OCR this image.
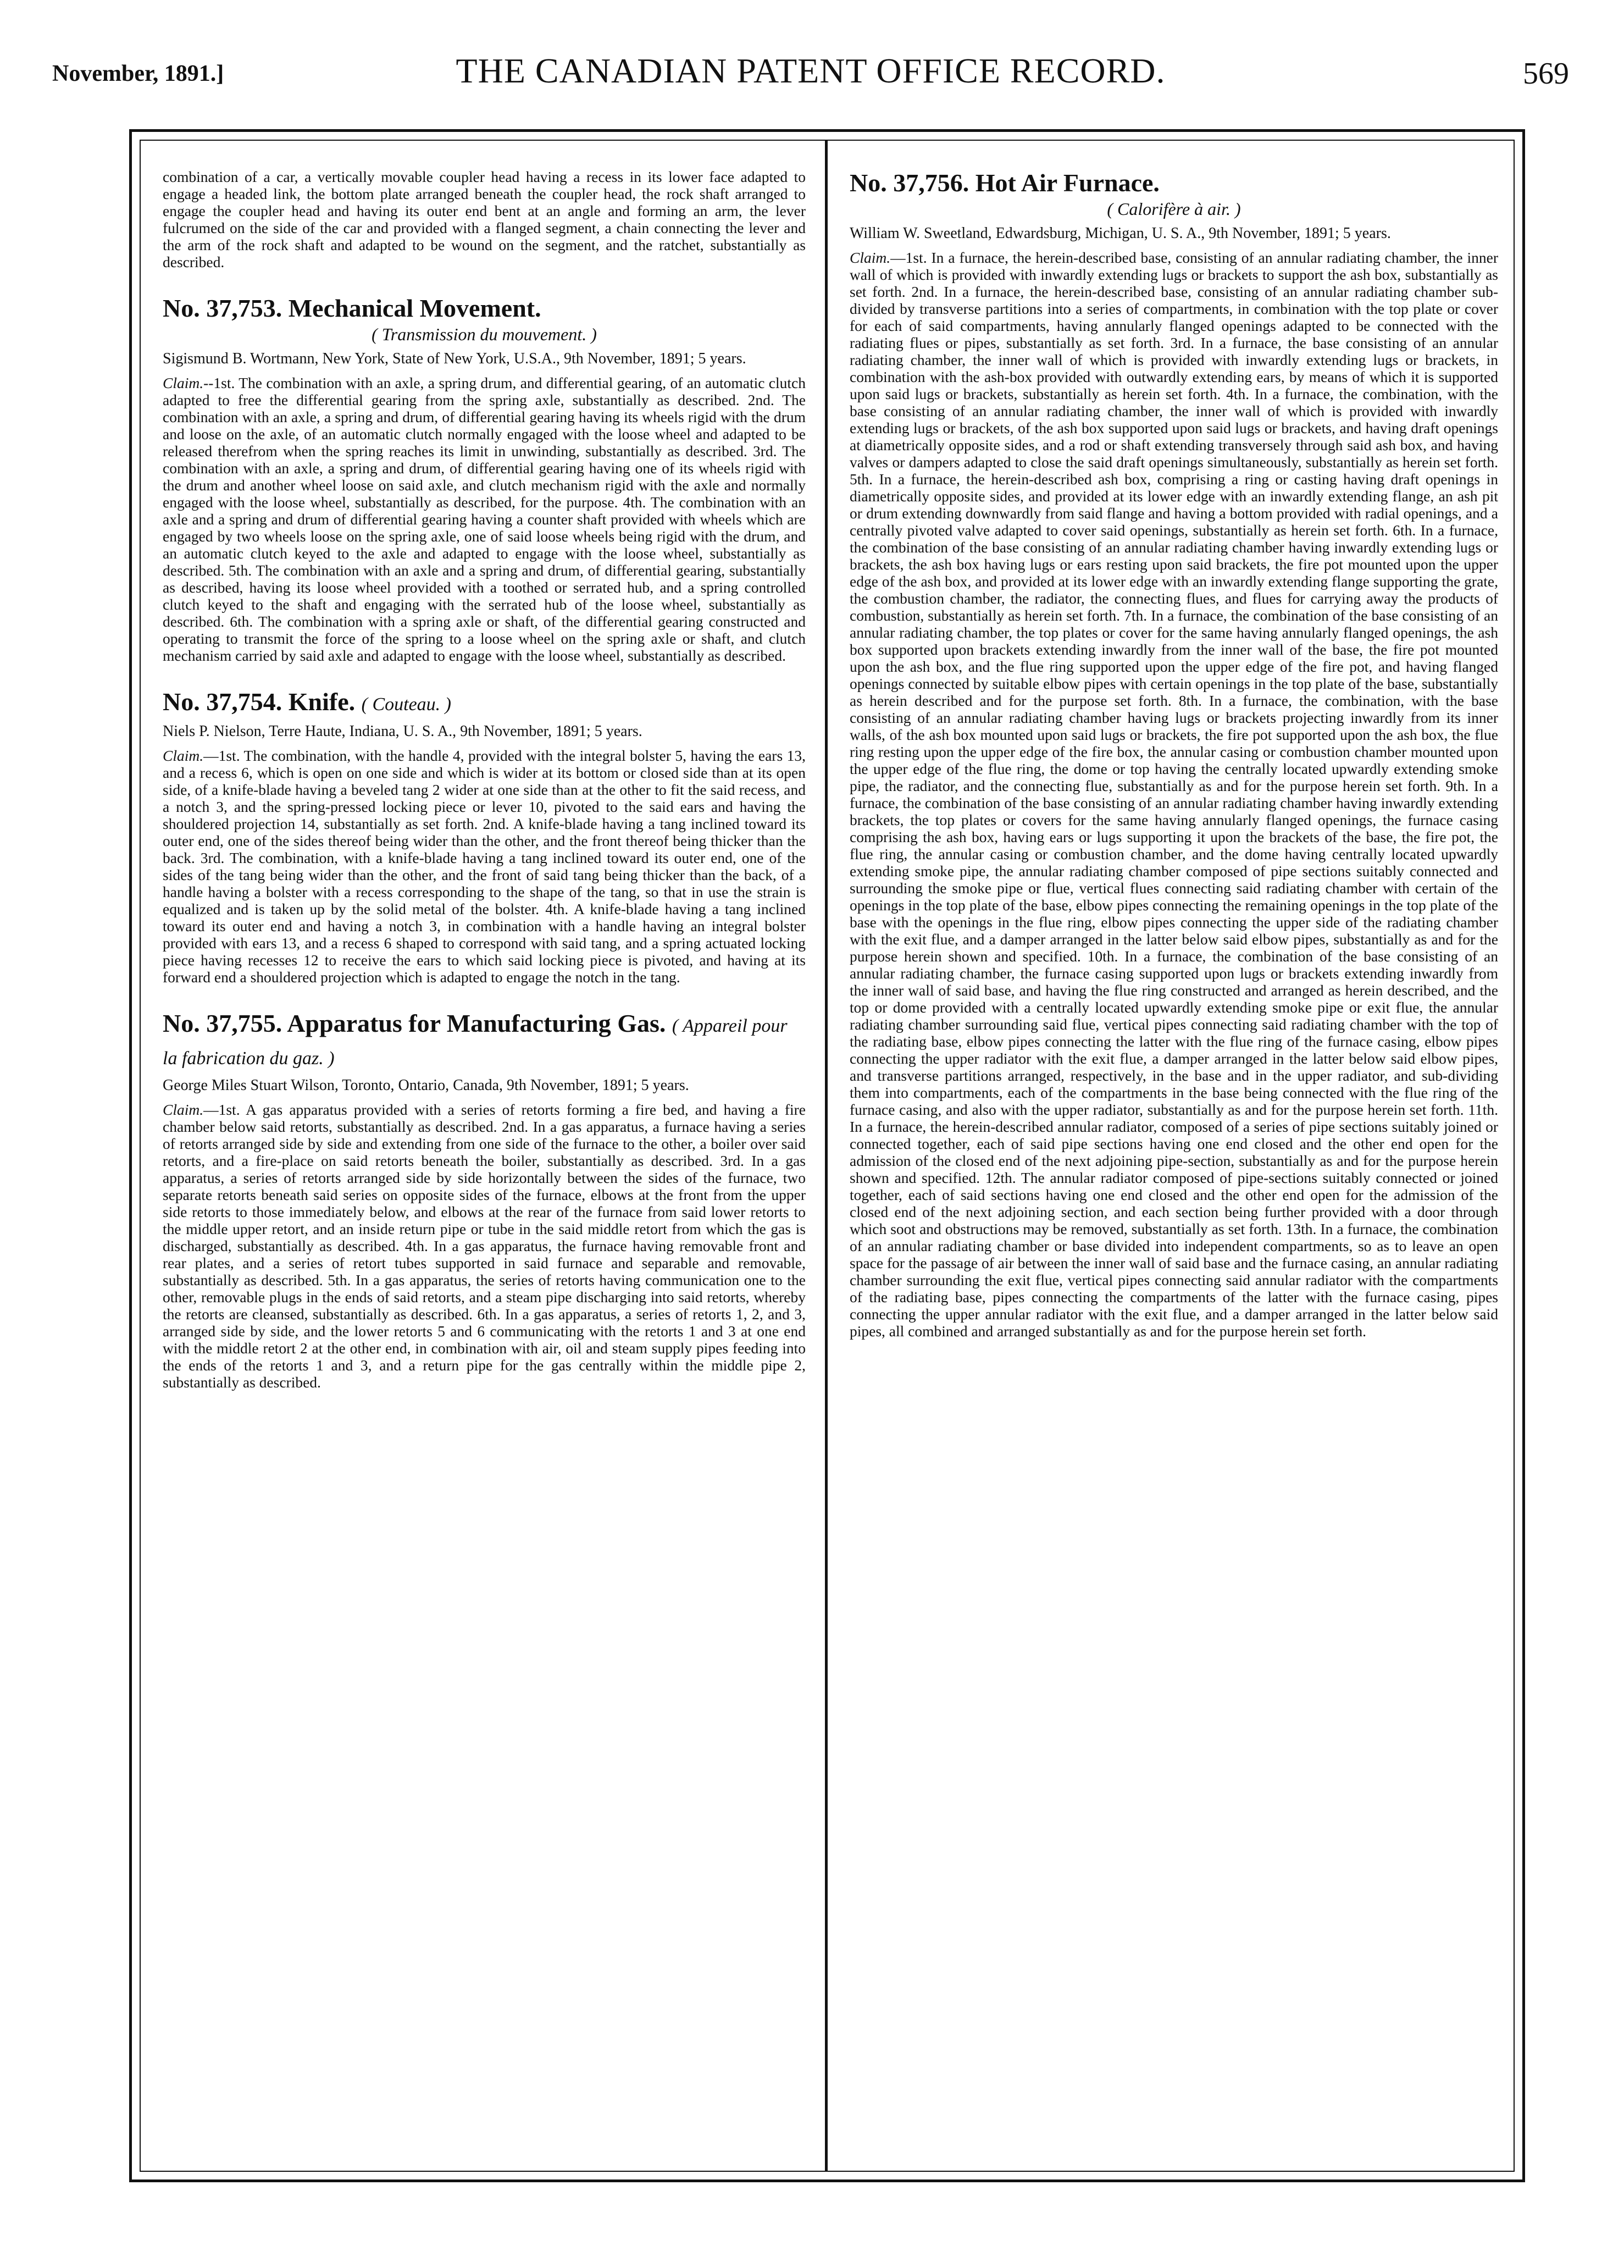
November, 1891.]	THE CANADIAN PATENT OFFICE RECORD.	569

combination of a car, a vertically movable coupler head having a recess in its lower face adapted to engage a headed link, the bottom plate arranged beneath the coupler head, the rock shaft arranged to engage the coupler head and having its outer end bent at an angle and forming an arm, the lever fulcrumed on the side of the car and provided with a flanged segment, a chain connecting the lever and the arm of the rock shaft and adapted to be wound on the segment, and the ratchet, substantially as described.

No. 37,753. Mechanical Movement.
( Transmission du mouvement. )

Sigismund B. Wortmann, New York, State of New York, U.S.A., 9th November, 1891; 5 years.

Claim.--1st. The combination with an axle, a spring drum, and differential gearing, of an automatic clutch adapted to free the differential gearing from the spring axle, substantially as described. 2nd. The combination with an axle, a spring and drum, of differential gearing having its wheels rigid with the drum and loose on the axle, of an automatic clutch normally engaged with the loose wheel and adapted to be released therefrom when the spring reaches its limit in unwinding, substantially as described. 3rd. The combination with an axle, a spring and drum, of differential gearing having one of its wheels rigid with the drum and another wheel loose on said axle, and clutch mechanism rigid with the axle and normally engaged with the loose wheel, substantially as described, for the purpose. 4th. The combination with an axle and a spring and drum of differential gearing having a counter shaft provided with wheels which are engaged by two wheels loose on the spring axle, one of said loose wheels being rigid with the drum, and an automatic clutch keyed to the axle and adapted to engage with the loose wheel, substantially as described. 5th. The combination with an axle and a spring and drum, of differential gearing, substantially as described, having its loose wheel provided with a toothed or serrated hub, and a spring controlled clutch keyed to the shaft and engaging with the serrated hub of the loose wheel, substantially as described. 6th. The combination with a spring axle or shaft, of the differential gearing constructed and operating to transmit the force of the spring to a loose wheel on the spring axle or shaft, and clutch mechanism carried by said axle and adapted to engage with the loose wheel, substantially as described.

No. 37,754. Knife. ( Couteau. )

Niels P. Nielson, Terre Haute, Indiana, U. S. A., 9th November, 1891; 5 years.

Claim.—1st. The combination, with the handle 4, provided with the integral bolster 5, having the ears 13, and a recess 6, which is open on one side and which is wider at its bottom or closed side than at its open side, of a knife-blade having a beveled tang 2 wider at one side than at the other to fit the said recess, and a notch 3, and the spring-pressed locking piece or lever 10, pivoted to the said ears and having the shouldered projection 14, substantially as set forth. 2nd. A knife-blade having a tang inclined toward its outer end, one of the sides thereof being wider than the other, and the front thereof being thicker than the back. 3rd. The combination, with a knife-blade having a tang inclined toward its outer end, one of the sides of the tang being wider than the other, and the front of said tang being thicker than the back, of a handle having a bolster with a recess corresponding to the shape of the tang, so that in use the strain is equalized and is taken up by the solid metal of the bolster. 4th. A knife-blade having a tang inclined toward its outer end and having a notch 3, in combination with a handle having an integral bolster provided with ears 13, and a recess 6 shaped to correspond with said tang, and a spring actuated locking piece having recesses 12 to receive the ears to which said locking piece is pivoted, and having at its forward end a shouldered projection which is adapted to engage the notch in the tang.

No. 37,755. Apparatus for Manufacturing Gas. ( Appareil pour la fabrication du gaz. )

George Miles Stuart Wilson, Toronto, Ontario, Canada, 9th November, 1891; 5 years.

Claim.—1st. A gas apparatus provided with a series of retorts forming a fire bed, and having a fire chamber below said retorts, substantially as described. 2nd. In a gas apparatus, a furnace having a series of retorts arranged side by side and extending from one side of the furnace to the other, a boiler over said retorts, and a fire-place on said retorts beneath the boiler, substantially as described. 3rd. In a gas apparatus, a series of retorts arranged side by side horizontally between the sides of the furnace, two separate retorts beneath said series on opposite sides of the furnace, elbows at the front from the upper side retorts to those immediately below, and elbows at the rear of the furnace from said lower retorts to the middle upper retort, and an inside return pipe or tube in the said middle retort from which the gas is discharged, substantially as described. 4th. In a gas apparatus, the furnace having removable front and rear plates, and a series of retort tubes supported in said furnace and separable and removable, substantially as described. 5th. In a gas apparatus, the series of retorts having communication one to the other, removable plugs in the ends of said retorts, and a steam pipe discharging into said retorts, whereby the retorts are cleansed, substantially as described. 6th. In a gas apparatus, a series of retorts 1, 2, and 3, arranged side by side, and the lower retorts 5 and 6 communicating with the retorts 1 and 3 at one end with the middle retort 2 at the other end, in combination with air, oil and steam supply pipes feeding into the ends of the retorts 1 and 3, and a return pipe for the gas centrally within the middle pipe 2, substantially as described.

No. 37,756. Hot Air Furnace.
( Calorifère à air. )

William W. Sweetland, Edwardsburg, Michigan, U. S. A., 9th November, 1891; 5 years.

Claim.—1st. In a furnace, the herein-described base, consisting of an annular radiating chamber, the inner wall of which is provided with inwardly extending lugs or brackets to support the ash box, substantially as set forth. 2nd. In a furnace, the herein-described base, consisting of an annular radiating chamber sub-divided by transverse partitions into a series of compartments, in combination with the top plate or cover for each of said compartments, having annularly flanged openings adapted to be connected with the radiating flues or pipes, substantially as set forth. 3rd. In a furnace, the base consisting of an annular radiating chamber, the inner wall of which is provided with inwardly extending lugs or brackets, in combination with the ash-box provided with outwardly extending ears, by means of which it is supported upon said lugs or brackets, substantially as herein set forth. 4th. In a furnace, the combination, with the base consisting of an annular radiating chamber, the inner wall of which is provided with inwardly extending lugs or brackets, of the ash box supported upon said lugs or brackets, and having draft openings at diametrically opposite sides, and a rod or shaft extending transversely through said ash box, and having valves or dampers adapted to close the said draft openings simultaneously, substantially as herein set forth. 5th. In a furnace, the herein-described ash box, comprising a ring or casting having draft openings in diametrically opposite sides, and provided at its lower edge with an inwardly extending flange, an ash pit or drum extending downwardly from said flange and having a bottom provided with radial openings, and a centrally pivoted valve adapted to cover said openings, substantially as herein set forth. 6th. In a furnace, the combination of the base consisting of an annular radiating chamber having inwardly extending lugs or brackets, the ash box having lugs or ears resting upon said brackets, the fire pot mounted upon the upper edge of the ash box, and provided at its lower edge with an inwardly extending flange supporting the grate, the combustion chamber, the radiator, the connecting flues, and flues for carrying away the products of combustion, substantially as herein set forth. 7th. In a furnace, the combination of the base consisting of an annular radiating chamber, the top plates or cover for the same having annularly flanged openings, the ash box supported upon brackets extending inwardly from the inner wall of the base, the fire pot mounted upon the ash box, and the flue ring supported upon the upper edge of the fire pot, and having flanged openings connected by suitable elbow pipes with certain openings in the top plate of the base, substantially as herein described and for the purpose set forth. 8th. In a furnace, the combination, with the base consisting of an annular radiating chamber having lugs or brackets projecting inwardly from its inner walls, of the ash box mounted upon said lugs or brackets, the fire pot supported upon the ash box, the flue ring resting upon the upper edge of the fire box, the annular casing or combustion chamber mounted upon the upper edge of the flue ring, the dome or top having the centrally located upwardly extending smoke pipe, the radiator, and the connecting flue, substantially as and for the purpose herein set forth. 9th. In a furnace, the combination of the base consisting of an annular radiating chamber having inwardly extending brackets, the top plates or covers for the same having annularly flanged openings, the furnace casing comprising the ash box, having ears or lugs supporting it upon the brackets of the base, the fire pot, the flue ring, the annular casing or combustion chamber, and the dome having centrally located upwardly extending smoke pipe, the annular radiating chamber composed of pipe sections suitably connected and surrounding the smoke pipe or flue, vertical flues connecting said radiating chamber with certain of the openings in the top plate of the base, elbow pipes connecting the remaining openings in the top plate of the base with the openings in the flue ring, elbow pipes connecting the upper side of the radiating chamber with the exit flue, and a damper arranged in the latter below said elbow pipes, substantially as and for the purpose herein shown and specified. 10th. In a furnace, the combination of the base consisting of an annular radiating chamber, the furnace casing supported upon lugs or brackets extending inwardly from the inner wall of said base, and having the flue ring constructed and arranged as herein described, and the top or dome provided with a centrally located upwardly extending smoke pipe or exit flue, the annular radiating chamber surrounding said flue, vertical pipes connecting said radiating chamber with the top of the radiating base, elbow pipes connecting the latter with the flue ring of the furnace casing, elbow pipes connecting the upper radiator with the exit flue, a damper arranged in the latter below said elbow pipes, and transverse partitions arranged, respectively, in the base and in the upper radiator, and sub-dividing them into compartments, each of the compartments in the base being connected with the flue ring of the furnace casing, and also with the upper radiator, substantially as and for the purpose herein set forth. 11th. In a furnace, the herein-described annular radiator, composed of a series of pipe sections suitably joined or connected together, each of said pipe sections having one end closed and the other end open for the admission of the closed end of the next adjoining pipe-section, substantially as and for the purpose herein shown and specified. 12th. The annular radiator composed of pipe-sections suitably connected or joined together, each of said sections having one end closed and the other end open for the admission of the closed end of the next adjoining section, and each section being further provided with a door through which soot and obstructions may be removed, substantially as set forth. 13th. In a furnace, the combination of an annular radiating chamber or base divided into independent compartments, so as to leave an open space for the passage of air between the inner wall of said base and the furnace casing, an annular radiating chamber surrounding the exit flue, vertical pipes connecting said annular radiator with the compartments of the radiating base, pipes connecting the compartments of the latter with the furnace casing, pipes connecting the upper annular radiator with the exit flue, and a damper arranged in the latter below said pipes, all combined and arranged substantially as and for the purpose herein set forth.
